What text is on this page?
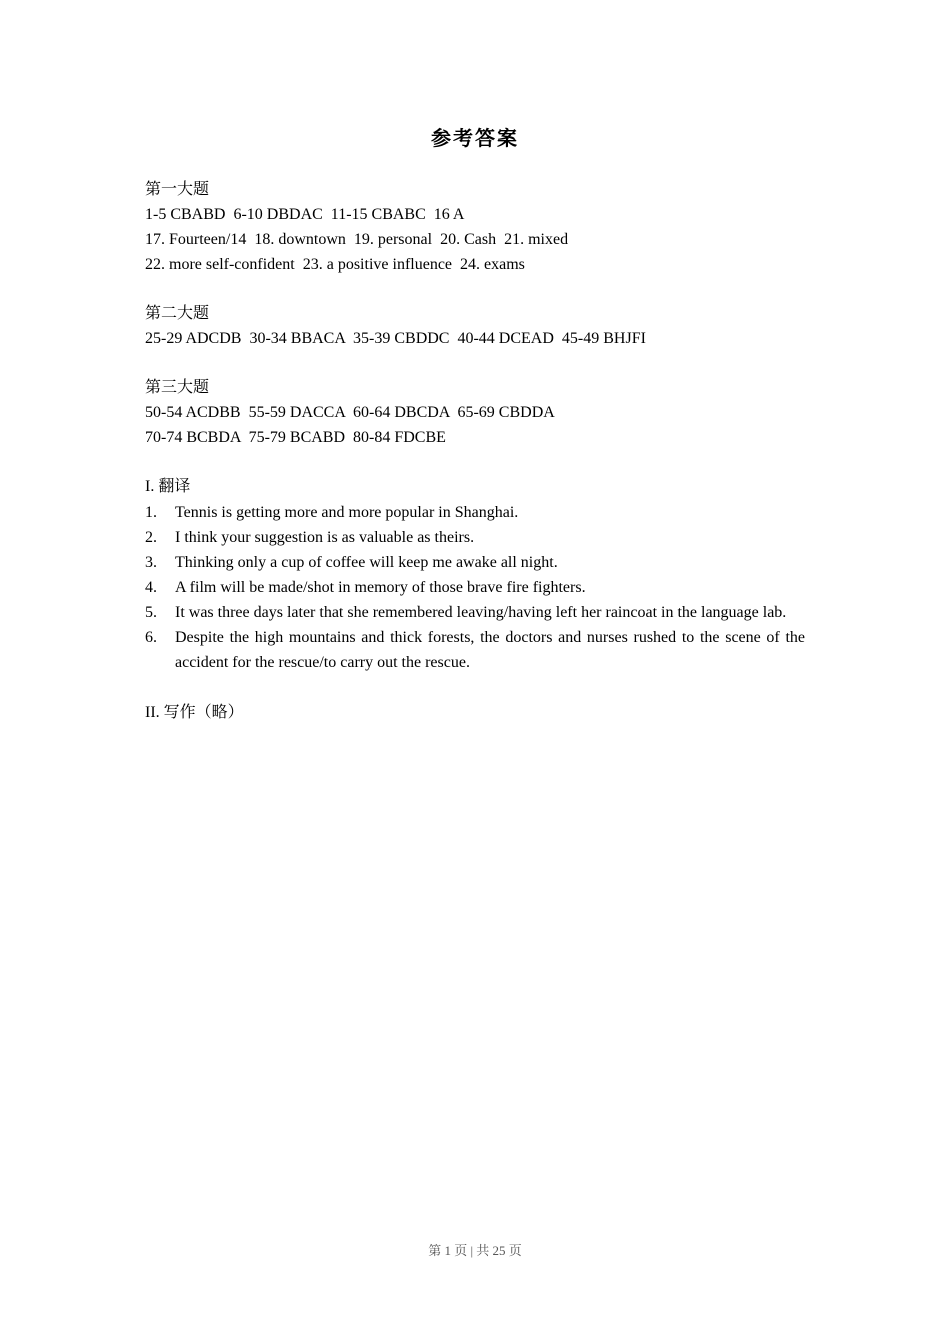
参考答案
第一大题
1-5 CBABD  6-10 DBDAC  11-15 CBABC  16 A
17. Fourteen/14  18. downtown  19. personal  20. Cash  21. mixed
22. more self-confident  23. a positive influence  24. exams
第二大题
25-29 ADCDB  30-34 BBACA  35-39 CBDDC  40-44 DCEAD  45-49 BHJFI
第三大题
50-54 ACDBB  55-59 DACCA  60-64 DBCDA  65-69 CBDDA
70-74 BCBDA  75-79 BCABD  80-84 FDCBE
I. 翻译
1.	Tennis is getting more and more popular in Shanghai.
2.	I think your suggestion is as valuable as theirs.
3.	Thinking only a cup of coffee will keep me awake all night.
4.	A film will be made/shot in memory of those brave fire fighters.
5.	It was three days later that she remembered leaving/having left her raincoat in the language lab.
6.	Despite the high mountains and thick forests, the doctors and nurses rushed to the scene of the accident for the rescue/to carry out the rescue.
II. 写作（略）
第 1 页 | 共 25 页
